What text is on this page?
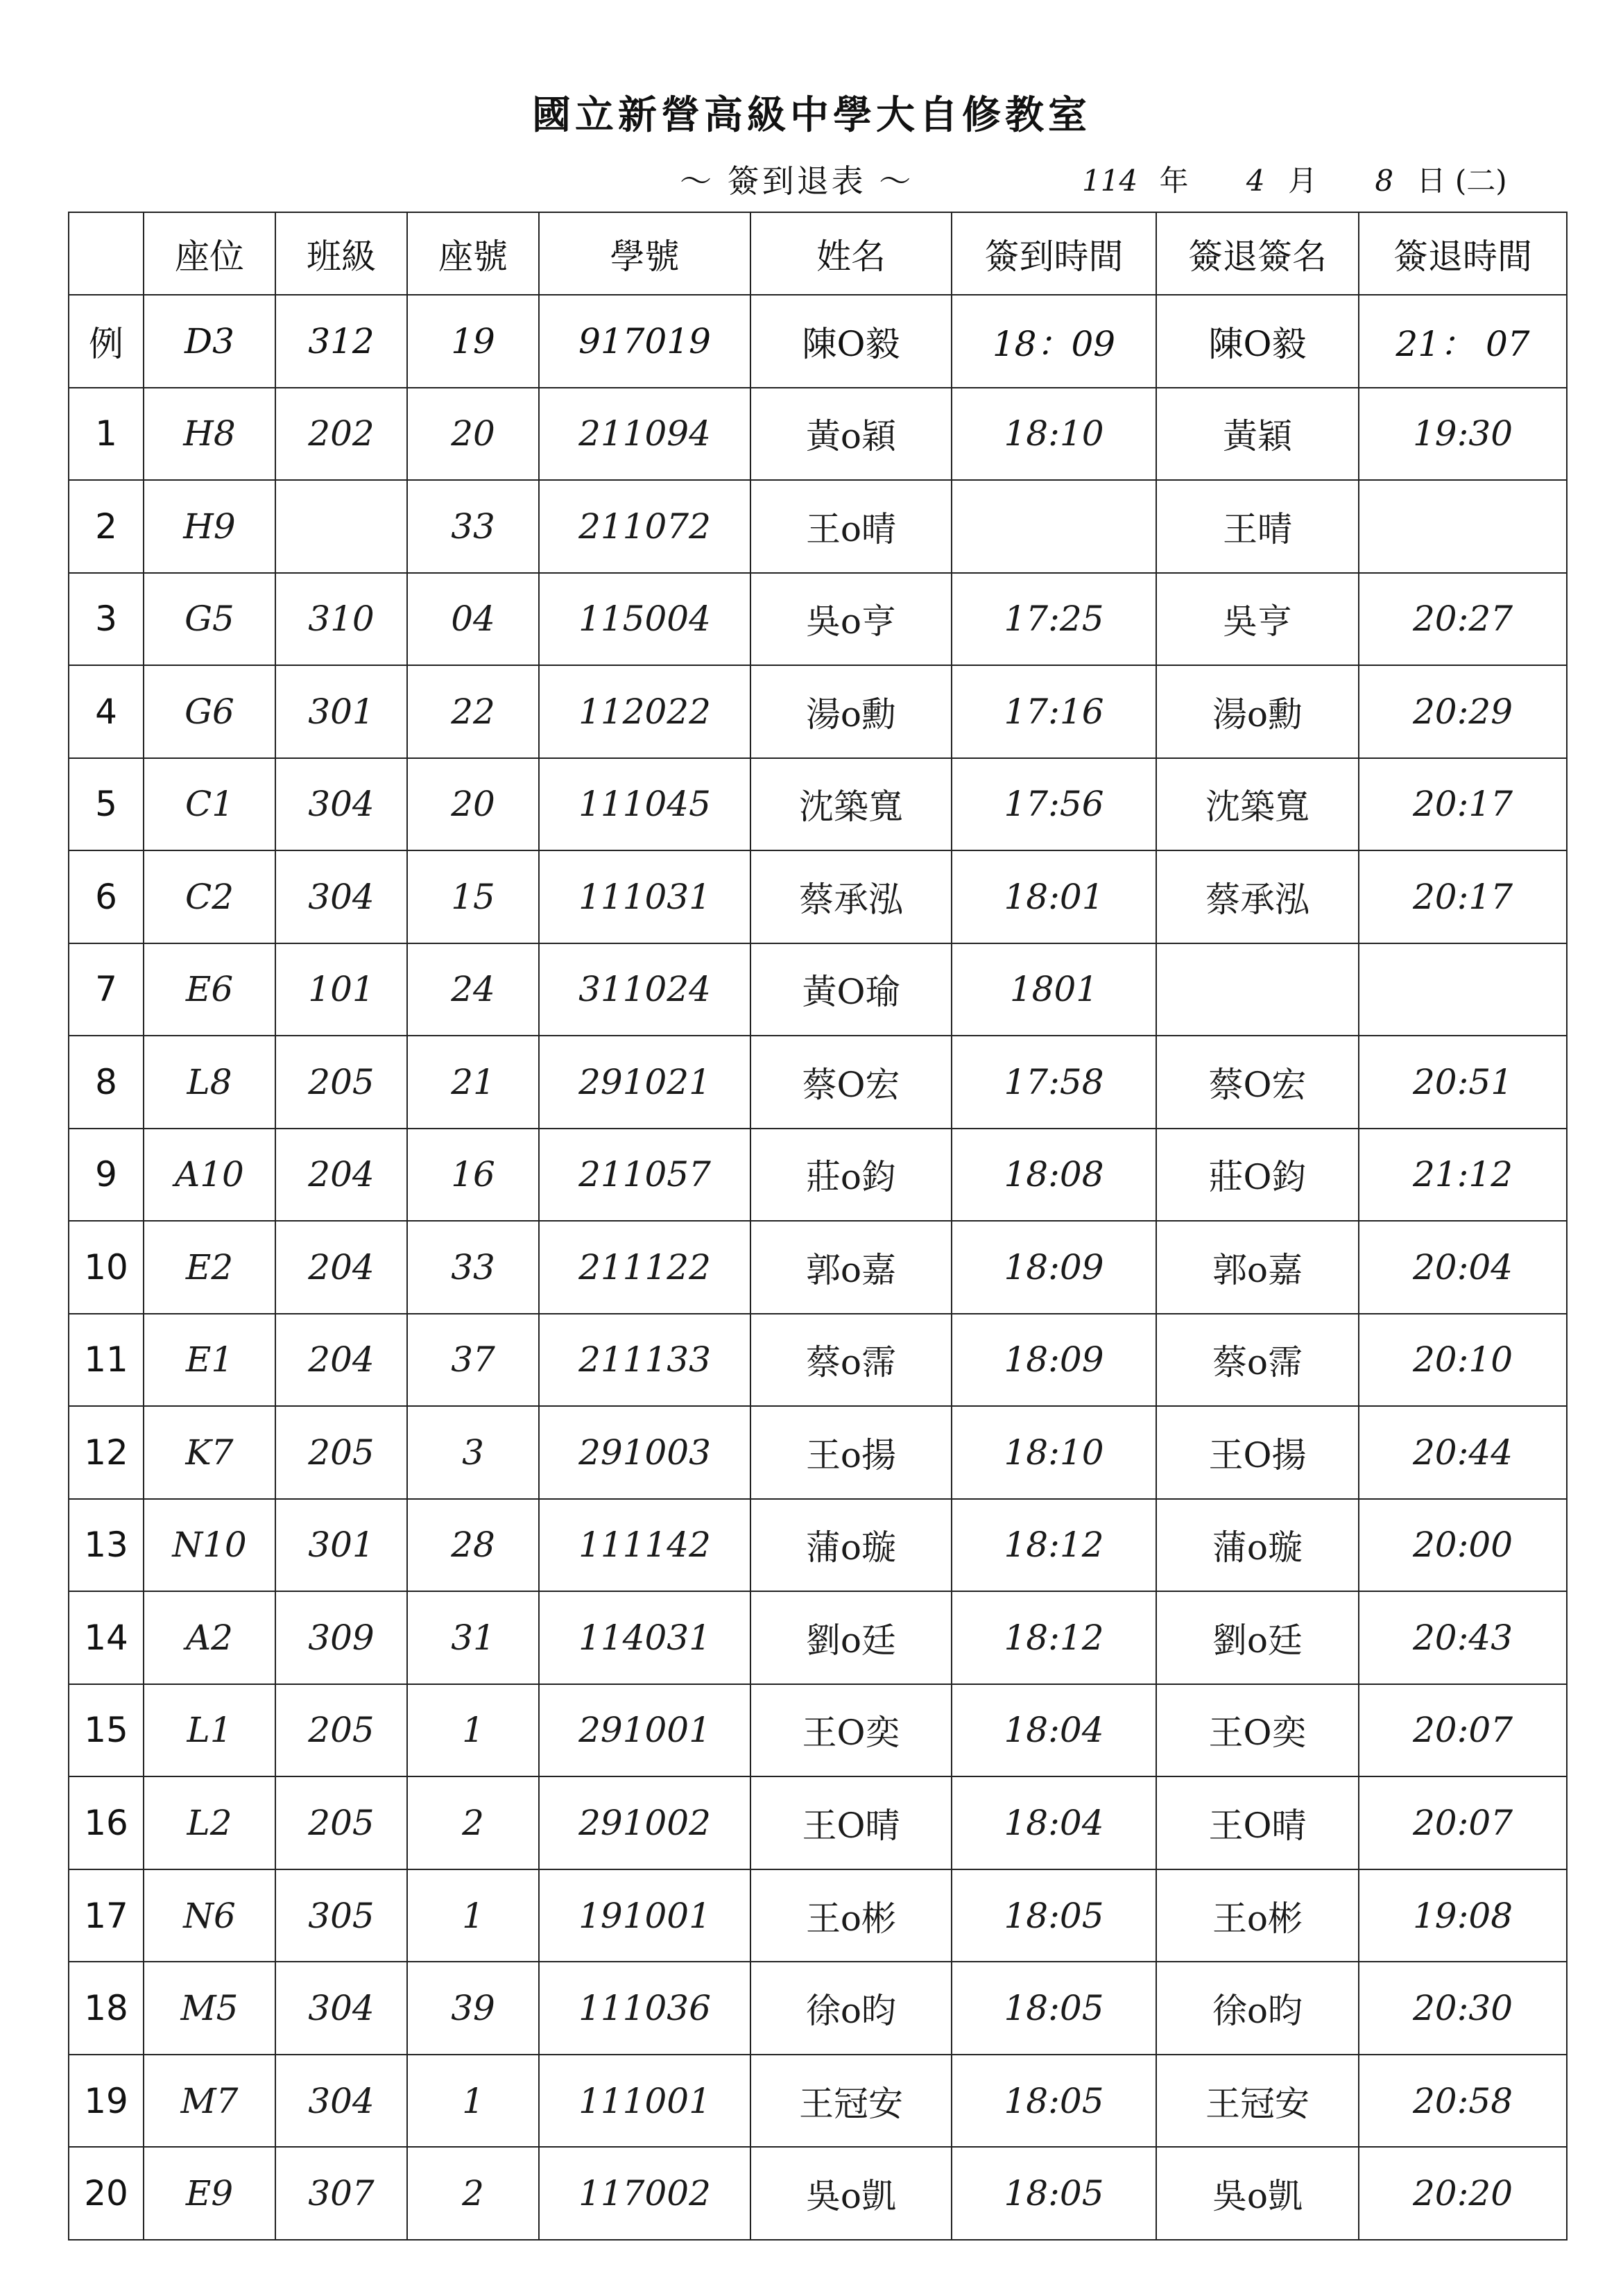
國立新營高級中學大自修教室
～ 簽到退表 ～	114 年 4 月 8 日 (二)
	座位	班級	座號	學號	姓名	簽到時間	簽退簽名	簽退時間
例	D3	312	19	917019	陳O毅	18：09	陳O毅	21： 07
1	H8	202	20	211094	黃o穎	18:10	黃穎	19:30
2	H9		33	211072	王o晴		王晴	
3	G5	310	04	115004	吳o亨	17:25	吳亨	20:27
4	G6	301	22	112022	湯o勳	17:16	湯o勳	20:29
5	C1	304	20	111045	沈築寬	17:56	沈築寬	20:17
6	C2	304	15	111031	蔡承泓	18:01	蔡承泓	20:17
7	E6	101	24	311024	黃O瑜	1801		
8	L8	205	21	291021	蔡O宏	17:58	蔡O宏	20:51
9	A10	204	16	211057	莊o鈞	18:08	莊O鈞	21:12
10	E2	204	33	211122	郭o嘉	18:09	郭o嘉	20:04
11	E1	204	37	211133	蔡o霈	18:09	蔡o霈	20:10
12	K7	205	3	291003	王o揚	18:10	王O揚	20:44
13	N10	301	28	111142	蒲o璇	18:12	蒲o璇	20:00
14	A2	309	31	114031	劉o廷	18:12	劉o廷	20:43
15	L1	205	1	291001	王O奕	18:04	王O奕	20:07
16	L2	205	2	291002	王O晴	18:04	王O晴	20:07
17	N6	305	1	191001	王o彬	18:05	王o彬	19:08
18	M5	304	39	111036	徐o昀	18:05	徐o昀	20:30
19	M7	304	1	111001	王冠安	18:05	王冠安	20:58
20	E9	307	2	117002	吳o凱	18:05	吳o凱	20:20
